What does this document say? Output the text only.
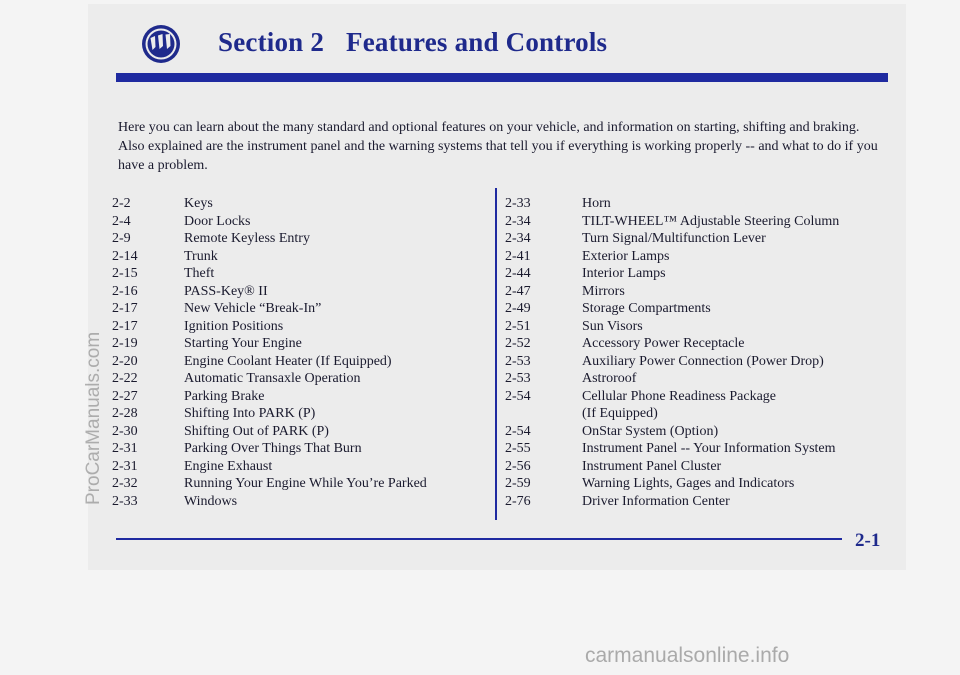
Section 2 Features and Controls
Here you can learn about the many standard and optional features on your vehicle, and information on starting, shifting and braking. Also explained are the instrument panel and the warning systems that tell you if everything is working properly -- and what to do if you have a problem.
2-2	Keys
2-4	Door Locks
2-9	Remote Keyless Entry
2-14	Trunk
2-15	Theft
2-16	PASS-Key® II
2-17	New Vehicle “Break-In”
2-17	Ignition Positions
2-19	Starting Your Engine
2-20	Engine Coolant Heater (If Equipped)
2-22	Automatic Transaxle Operation
2-27	Parking Brake
2-28	Shifting Into PARK (P)
2-30	Shifting Out of PARK (P)
2-31	Parking Over Things That Burn
2-31	Engine Exhaust
2-32	Running Your Engine While You’re Parked
2-33	Windows
2-33	Horn
2-34	TILT-WHEEL™ Adjustable Steering Column
2-34	Turn Signal/Multifunction Lever
2-41	Exterior Lamps
2-44	Interior Lamps
2-47	Mirrors
2-49	Storage Compartments
2-51	Sun Visors
2-52	Accessory Power Receptacle
2-53	Auxiliary Power Connection (Power Drop)
2-53	Astroroof
2-54	Cellular Phone Readiness Package
(If Equipped)
2-54	OnStar System (Option)
2-55	Instrument Panel -- Your Information System
2-56	Instrument Panel Cluster
2-59	Warning Lights, Gages and Indicators
2-76	Driver Information Center
2-1
ProCarManuals.com
carmanualsonline.info
